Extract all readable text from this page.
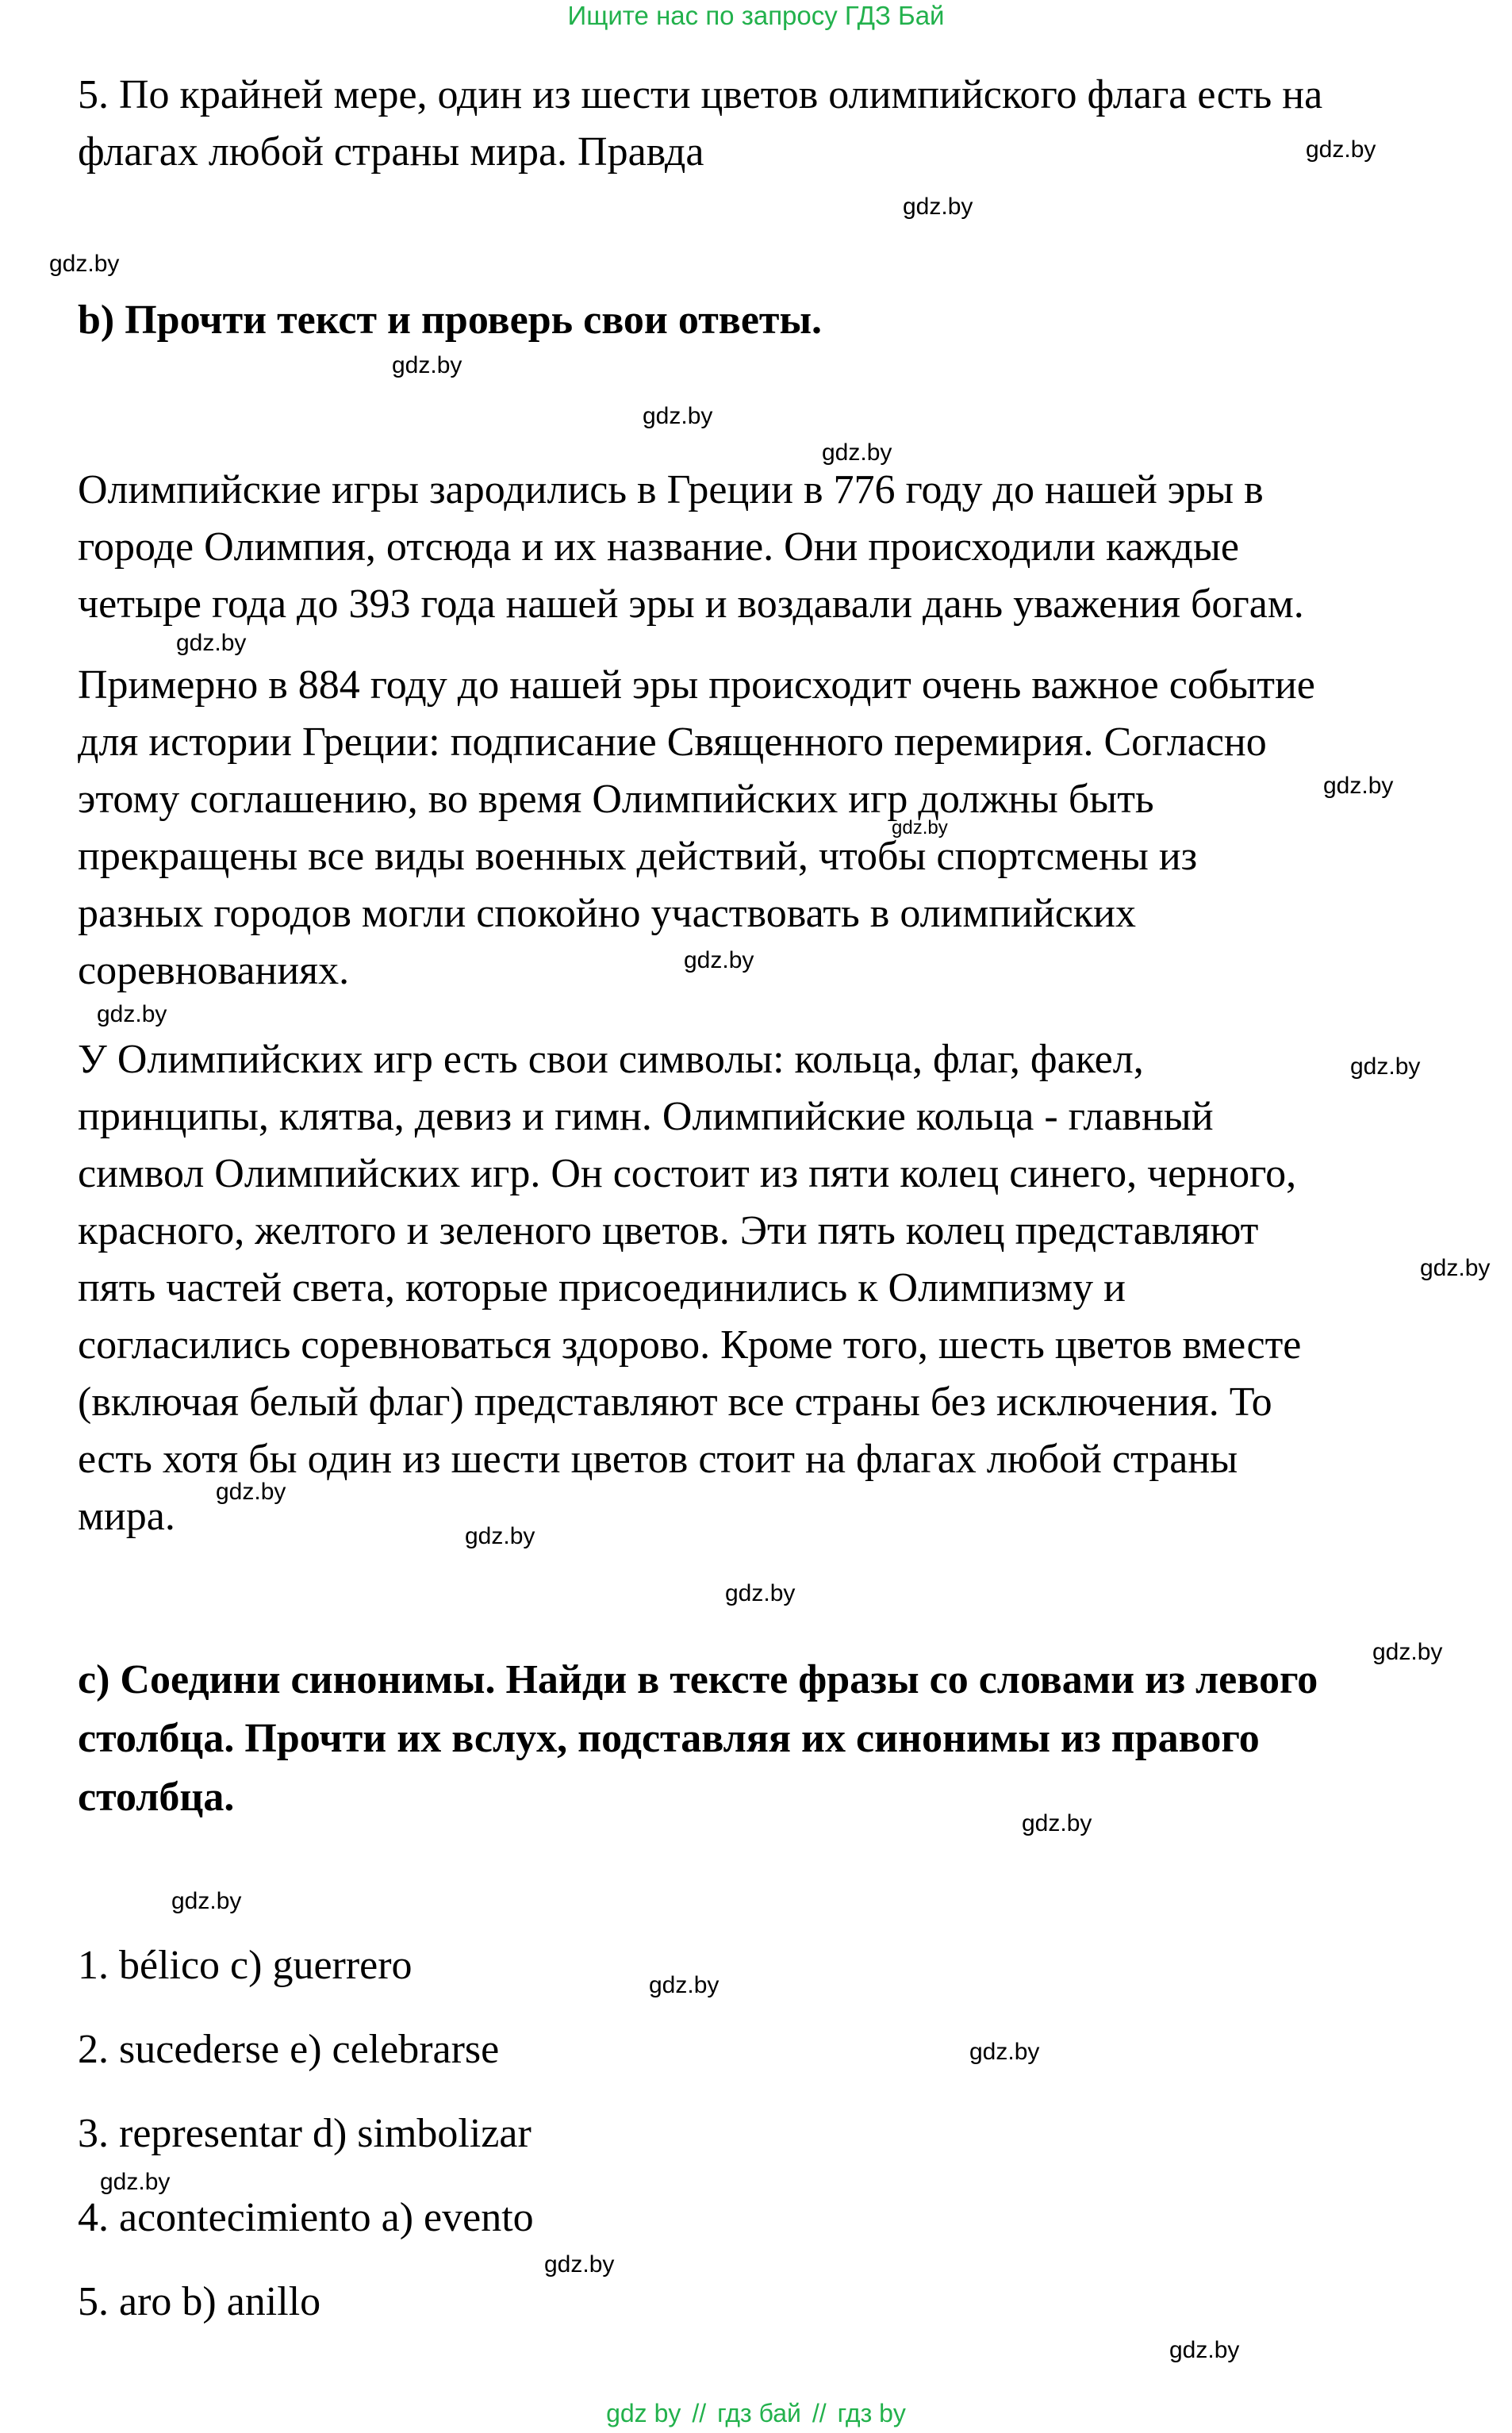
Ищите нас по запросу ГДЗ Бай
5. По крайней мере, один из шести цветов олимпийского флага есть на
флагах любой страны мира. Правда
b) Прочти текст и проверь свои ответы.
Олимпийские игры зародились в Греции в 776 году до нашей эры в
городе Олимпия, отсюда и их название. Они происходили каждые
четыре года до 393 года нашей эры и воздавали дань уважения богам.
Примерно в 884 году до нашей эры происходит очень важное событие
для истории Греции: подписание Священного перемирия. Согласно
этому соглашению, во время Олимпийских игр должны быть
прекращены все виды военных действий, чтобы спортсмены из
разных городов могли спокойно участвовать в олимпийских
соревнованиях.
У Олимпийских игр есть свои символы: кольца, флаг, факел,
принципы, клятва, девиз и гимн. Олимпийские кольца - главный
символ Олимпийских игр. Он состоит из пяти колец синего, черного,
красного, желтого и зеленого цветов. Эти пять колец представляют
пять частей света, которые присоединились к Олимпизму и
согласились соревноваться здорово. Кроме того, шесть цветов вместе
(включая белый флаг) представляют все страны без исключения. То
есть хотя бы один из шести цветов стоит на флагах любой страны
мира.
c) Соедини синонимы. Найди в тексте фразы со словами из левого
столбца. Прочти их вслух, подставляя их синонимы из правого
столбца.
1. bélico c) guerrero
2. sucederse e) celebrarse
3. representar d) simbolizar
4. acontecimiento a) evento
5. aro b) anillo
gdz.by
gdz.by
gdz.by
gdz.by
gdz.by
gdz.by
gdz.by
gdz.by
gdz.by
gdz.by
gdz.by
gdz.by
gdz.by
gdz.by
gdz.by
gdz.by
gdz.by
gdz.by
gdz.by
gdz.by
gdz.by
gdz.by
gdz.by
gdz.by
gdz by // гдз бай // гдз by
